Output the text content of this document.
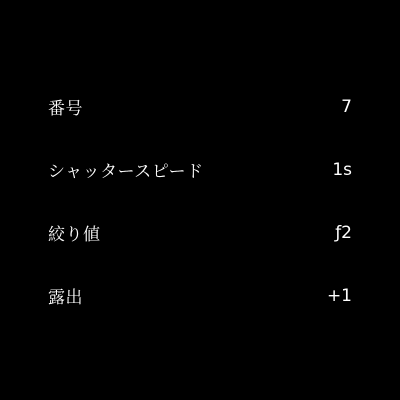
番号	7
シャッタースピード	1s
絞り値	ƒ2
露出	+1
